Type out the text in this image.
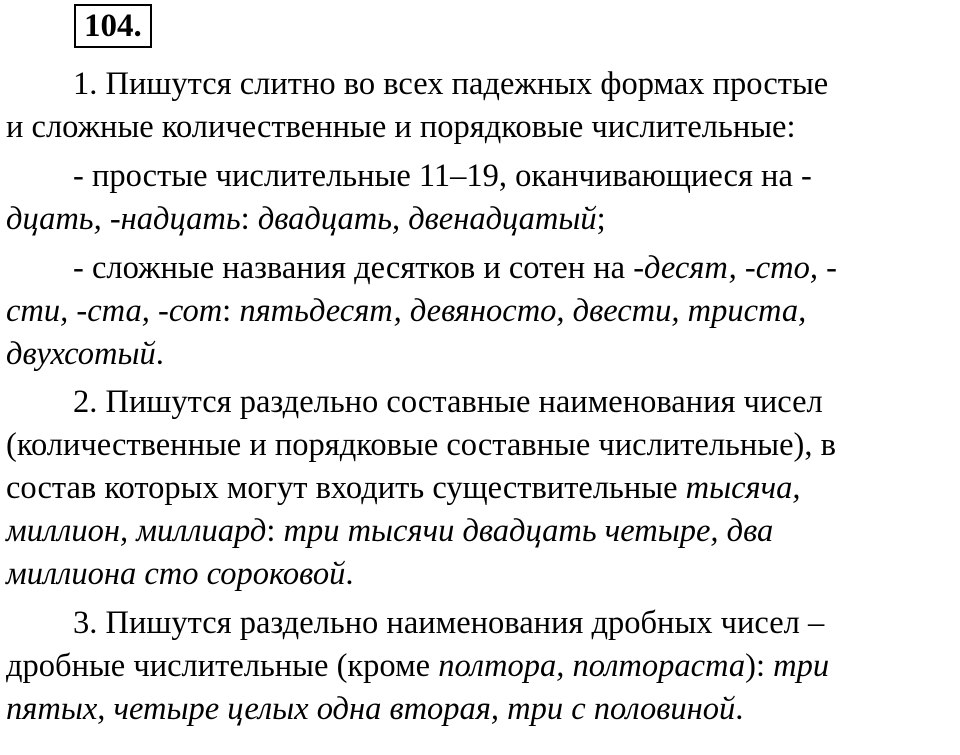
104.
1. Пишутся слитно во всех падежных формах простые
и сложные количественные и порядковые числительные:
- простые числительные 11–19, оканчивающиеся на -
дцать, -надцать: двадцать, двенадцатый;
- сложные названия десятков и сотен на -десят, -сто, -
сти, -ста, -сот: пятьдесят, девяносто, двести, триста,
двухсотый.
2. Пишутся раздельно составные наименования чисел
(количественные и порядковые составные числительные), в
состав которых могут входить существительные тысяча,
миллион, миллиард: три тысячи двадцать четыре, два
миллиона сто сороковой.
3. Пишутся раздельно наименования дробных чисел –
дробные числительные (кроме полтора, полтораста): три
пятых, четыре целых одна вторая, три с половиной.
